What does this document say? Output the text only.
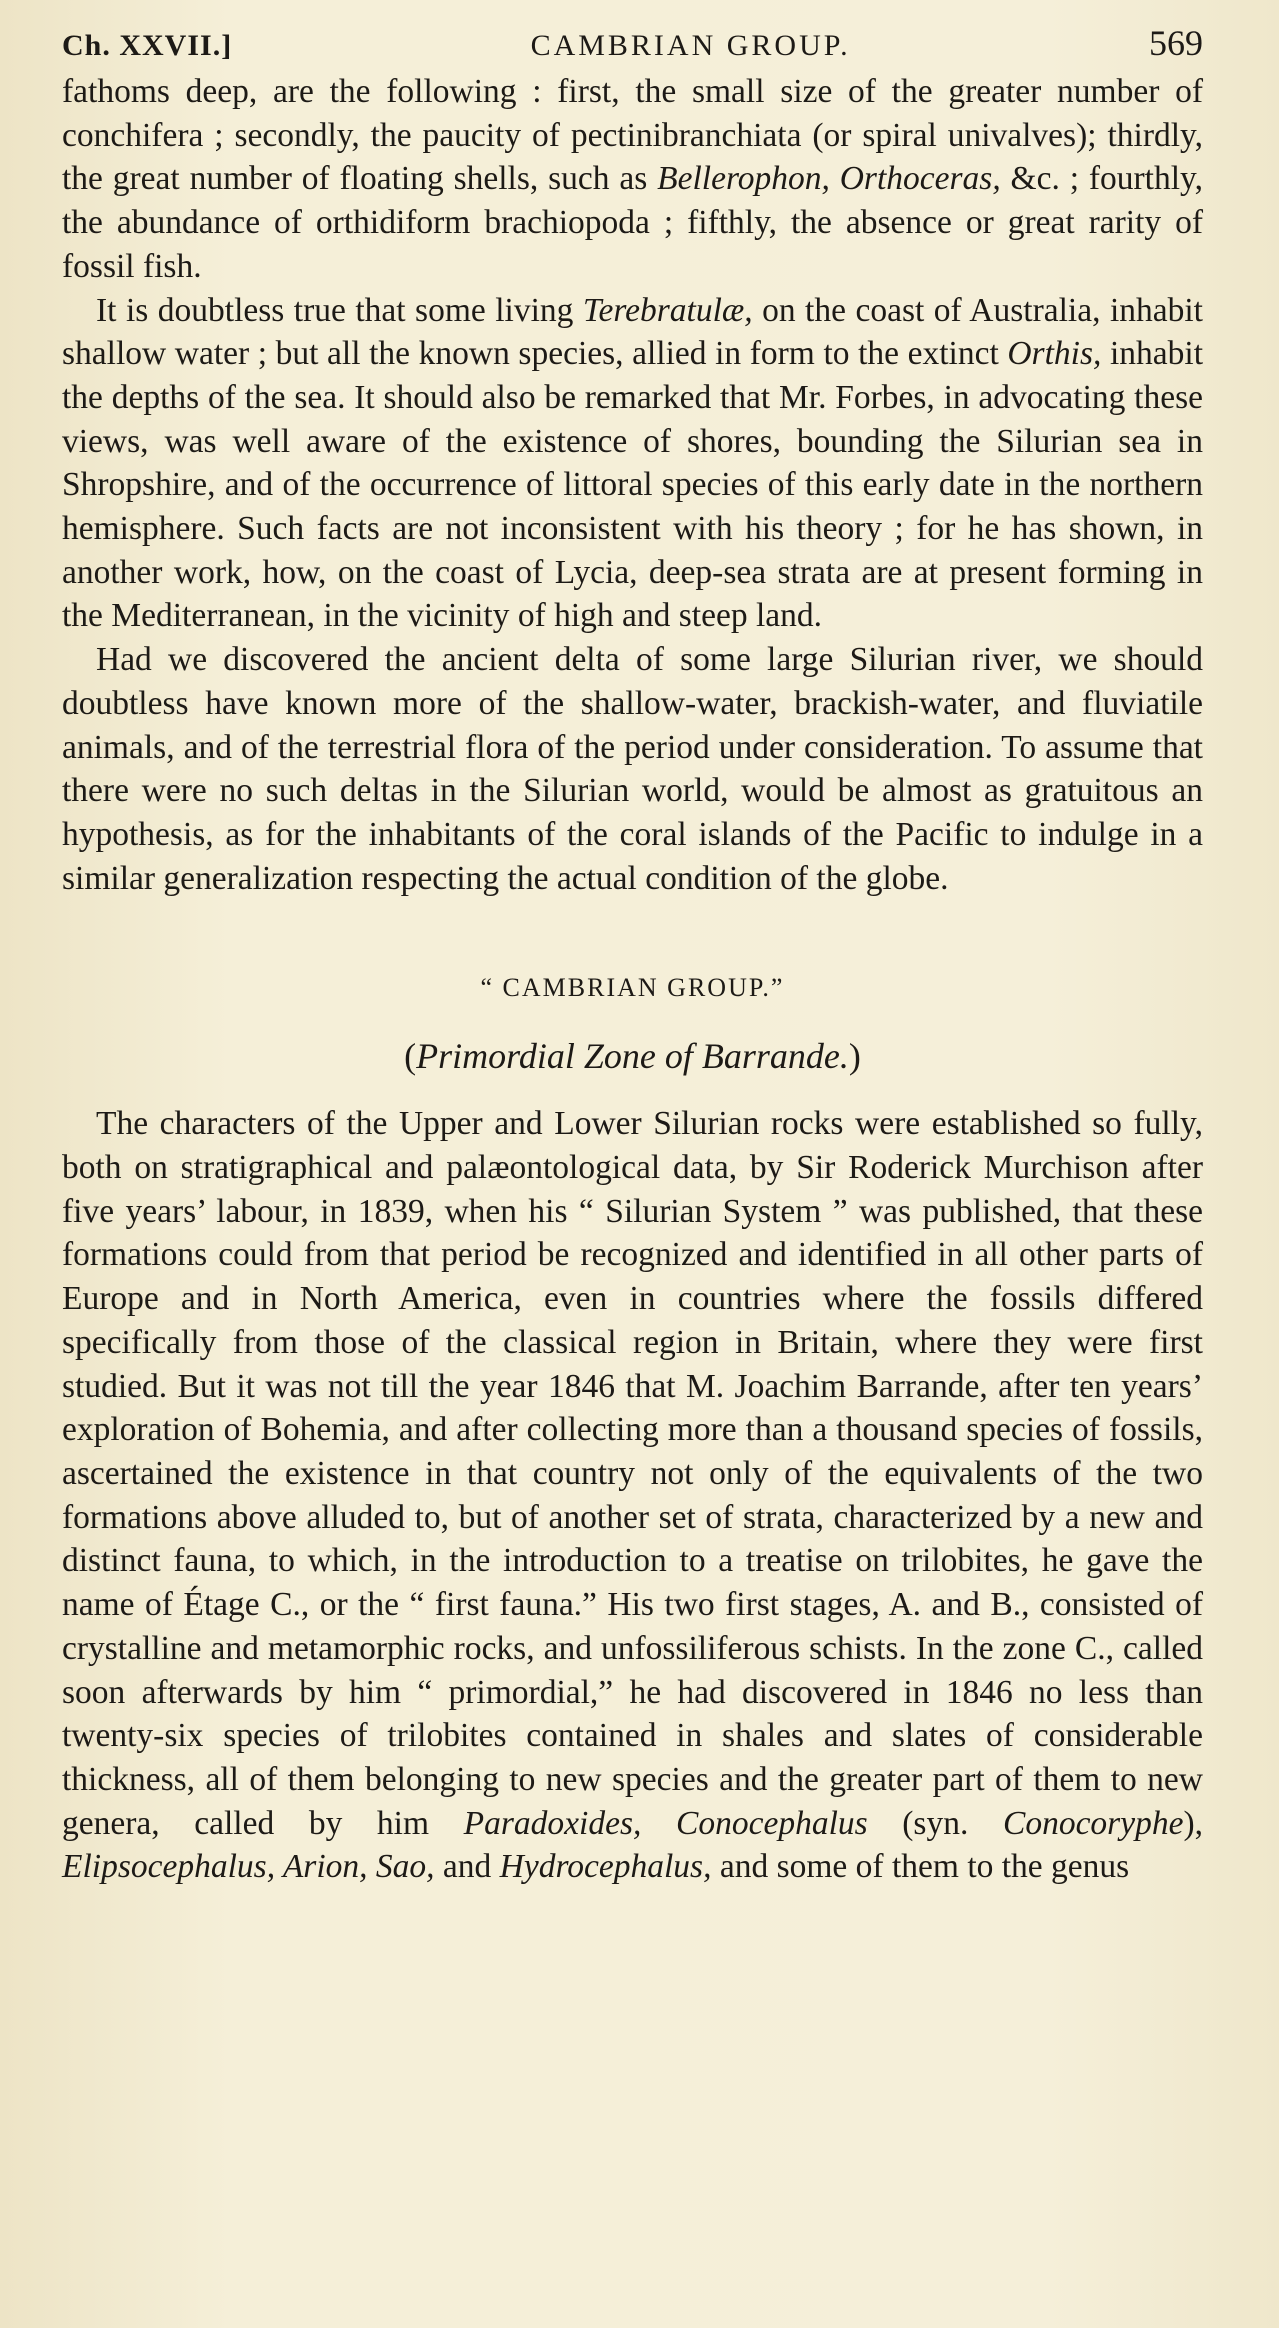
Ch. XXVII.]	CAMBRIAN GROUP.	569

fathoms deep, are the following : first, the small size of the greater number of conchifera ; secondly, the paucity of pectinibranchiata (or spiral univalves); thirdly, the great number of floating shells, such as Bellerophon, Orthoceras, &c. ; fourthly, the abundance of orthidiform brachiopoda ; fifthly, the absence or great rarity of fossil fish.

It is doubtless true that some living Terebratulæ, on the coast of Australia, inhabit shallow water ; but all the known species, allied in form to the extinct Orthis, inhabit the depths of the sea. It should also be remarked that Mr. Forbes, in advocating these views, was well aware of the existence of shores, bounding the Silurian sea in Shropshire, and of the occurrence of littoral species of this early date in the northern hemisphere. Such facts are not inconsistent with his theory ; for he has shown, in another work, how, on the coast of Lycia, deep-sea strata are at present forming in the Mediterranean, in the vicinity of high and steep land.

Had we discovered the ancient delta of some large Silurian river, we should doubtless have known more of the shallow-water, brackish-water, and fluviatile animals, and of the terrestrial flora of the period under consideration. To assume that there were no such deltas in the Silurian world, would be almost as gratuitous an hypothesis, as for the inhabitants of the coral islands of the Pacific to indulge in a similar generalization respecting the actual condition of the globe.

“ CAMBRIAN GROUP.”
(Primordial Zone of Barrande.)

The characters of the Upper and Lower Silurian rocks were established so fully, both on stratigraphical and palæontological data, by Sir Roderick Murchison after five years’ labour, in 1839, when his “ Silurian System ” was published, that these formations could from that period be recognized and identified in all other parts of Europe and in North America, even in countries where the fossils differed specifically from those of the classical region in Britain, where they were first studied. But it was not till the year 1846 that M. Joachim Barrande, after ten years’ exploration of Bohemia, and after collecting more than a thousand species of fossils, ascertained the existence in that country not only of the equivalents of the two formations above alluded to, but of another set of strata, characterized by a new and distinct fauna, to which, in the introduction to a treatise on trilobites, he gave the name of Étage C., or the “ first fauna.” His two first stages, A. and B., consisted of crystalline and metamorphic rocks, and unfossiliferous schists. In the zone C., called soon afterwards by him “ primordial,” he had discovered in 1846 no less than twenty-six species of trilobites contained in shales and slates of considerable thickness, all of them belonging to new species and the greater part of them to new genera, called by him Paradoxides, Conocephalus (syn. Conocoryphe), Elipsocephalus, Arion, Sao, and Hydrocephalus, and some of them to the genus
